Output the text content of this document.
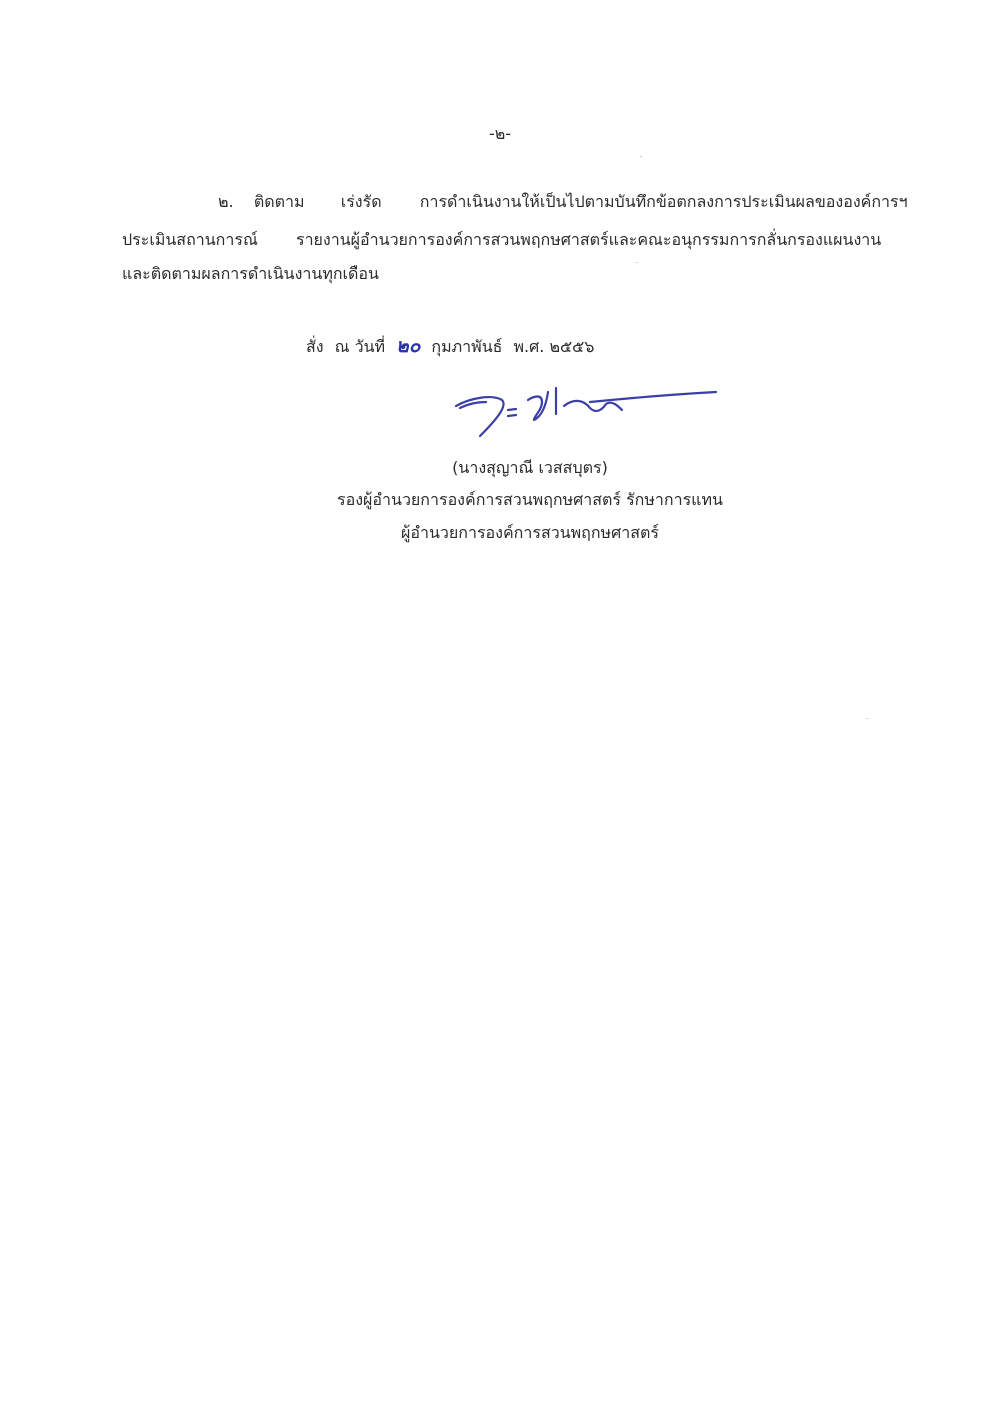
-๒-
๒. ติดตาม เร่งรัด การดำเนินงานให้เป็นไปตามบันทึกข้อตกลงการประเมินผลขององค์การฯ
ประเมินสถานการณ์ รายงานผู้อำนวยการองค์การสวนพฤกษศาสตร์และคณะอนุกรรมการกลั่นกรองแผนงาน
และติดตามผลการดำเนินงานทุกเดือน
สั่ง ณ วันที่ ๒๐ กุมภาพันธ์ พ.ศ. ๒๕๕๖
(นางสุญาณี เวสสบุตร)
รองผู้อำนวยการองค์การสวนพฤกษศาสตร์ รักษาการแทน
ผู้อำนวยการองค์การสวนพฤกษศาสตร์
